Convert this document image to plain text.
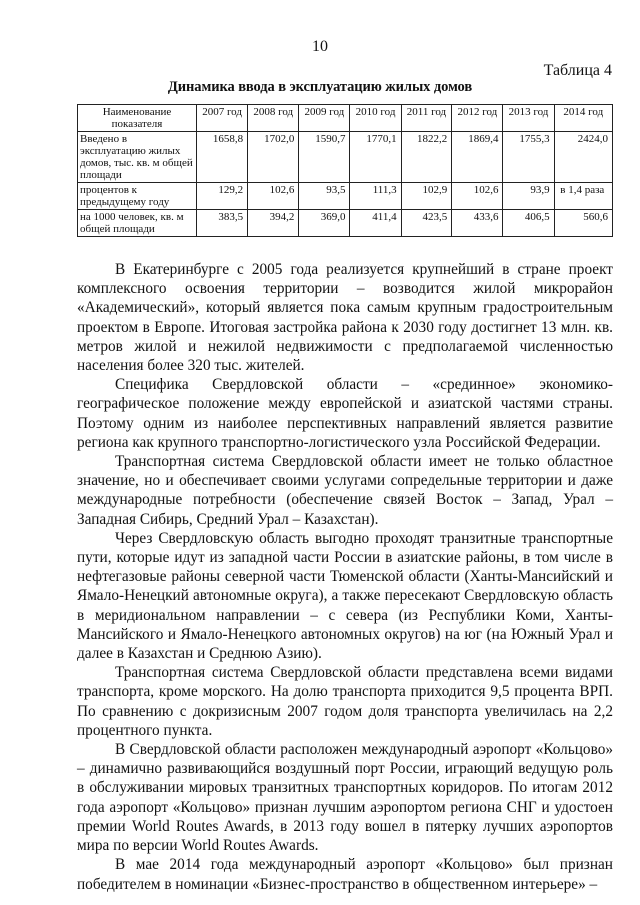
10
Таблица 4
Динамика ввода в эксплуатацию жилых домов
Наименование показателя	2007 год	2008 год	2009 год	2010 год	2011 год	2012 год	2013 год	2014 год
Введено в эксплуатацию жилых домов, тыс. кв. м общей площади	1658,8	1702,0	1590,7	1770,1	1822,2	1869,4	1755,3	2424,0
процентов к предыдущему году	129,2	102,6	93,5	111,3	102,9	102,6	93,9	в 1,4 раза
на 1000 человек, кв. м общей площади	383,5	394,2	369,0	411,4	423,5	433,6	406,5	560,6

В Екатеринбурге с 2005 года реализуется крупнейший в стране проект комплексного освоения территории – возводится жилой микрорайон «Академический», который является пока самым крупным градостроительным проектом в Европе. Итоговая застройка района к 2030 году достигнет 13 млн. кв. метров жилой и нежилой недвижимости с предполагаемой численностью населения более 320 тыс. жителей.

Специфика Свердловской области – «срединное» экономико-географическое положение между европейской и азиатской частями страны. Поэтому одним из наиболее перспективных направлений является развитие региона как крупного транспортно-логистического узла Российской Федерации.

Транспортная система Свердловской области имеет не только областное значение, но и обеспечивает своими услугами сопредельные территории и даже международные потребности (обеспечение связей Восток – Запад, Урал – Западная Сибирь, Средний Урал – Казахстан).

Через Свердловскую область выгодно проходят транзитные транспортные пути, которые идут из западной части России в азиатские районы, в том числе в нефтегазовые районы северной части Тюменской области (Ханты-Мансийский и Ямало-Ненецкий автономные округа), а также пересекают Свердловскую область в меридиональном направлении – с севера (из Республики Коми, Ханты-Мансийского и Ямало-Ненецкого автономных округов) на юг (на Южный Урал и далее в Казахстан и Среднюю Азию).

Транспортная система Свердловской области представлена всеми видами транспорта, кроме морского. На долю транспорта приходится 9,5 процента ВРП. По сравнению с докризисным 2007 годом доля транспорта увеличилась на 2,2 процентного пункта.

В Свердловской области расположен международный аэропорт «Кольцово» – динамично развивающийся воздушный порт России, играющий ведущую роль в обслуживании мировых транзитных транспортных коридоров. По итогам 2012 года аэропорт «Кольцово» признан лучшим аэропортом региона СНГ и удостоен премии World Routes Awards, в 2013 году вошел в пятерку лучших аэропортов мира по версии World Routes Awards.

В мае 2014 года международный аэропорт «Кольцово» был признан победителем в номинации «Бизнес-пространство в общественном интерьере» –
